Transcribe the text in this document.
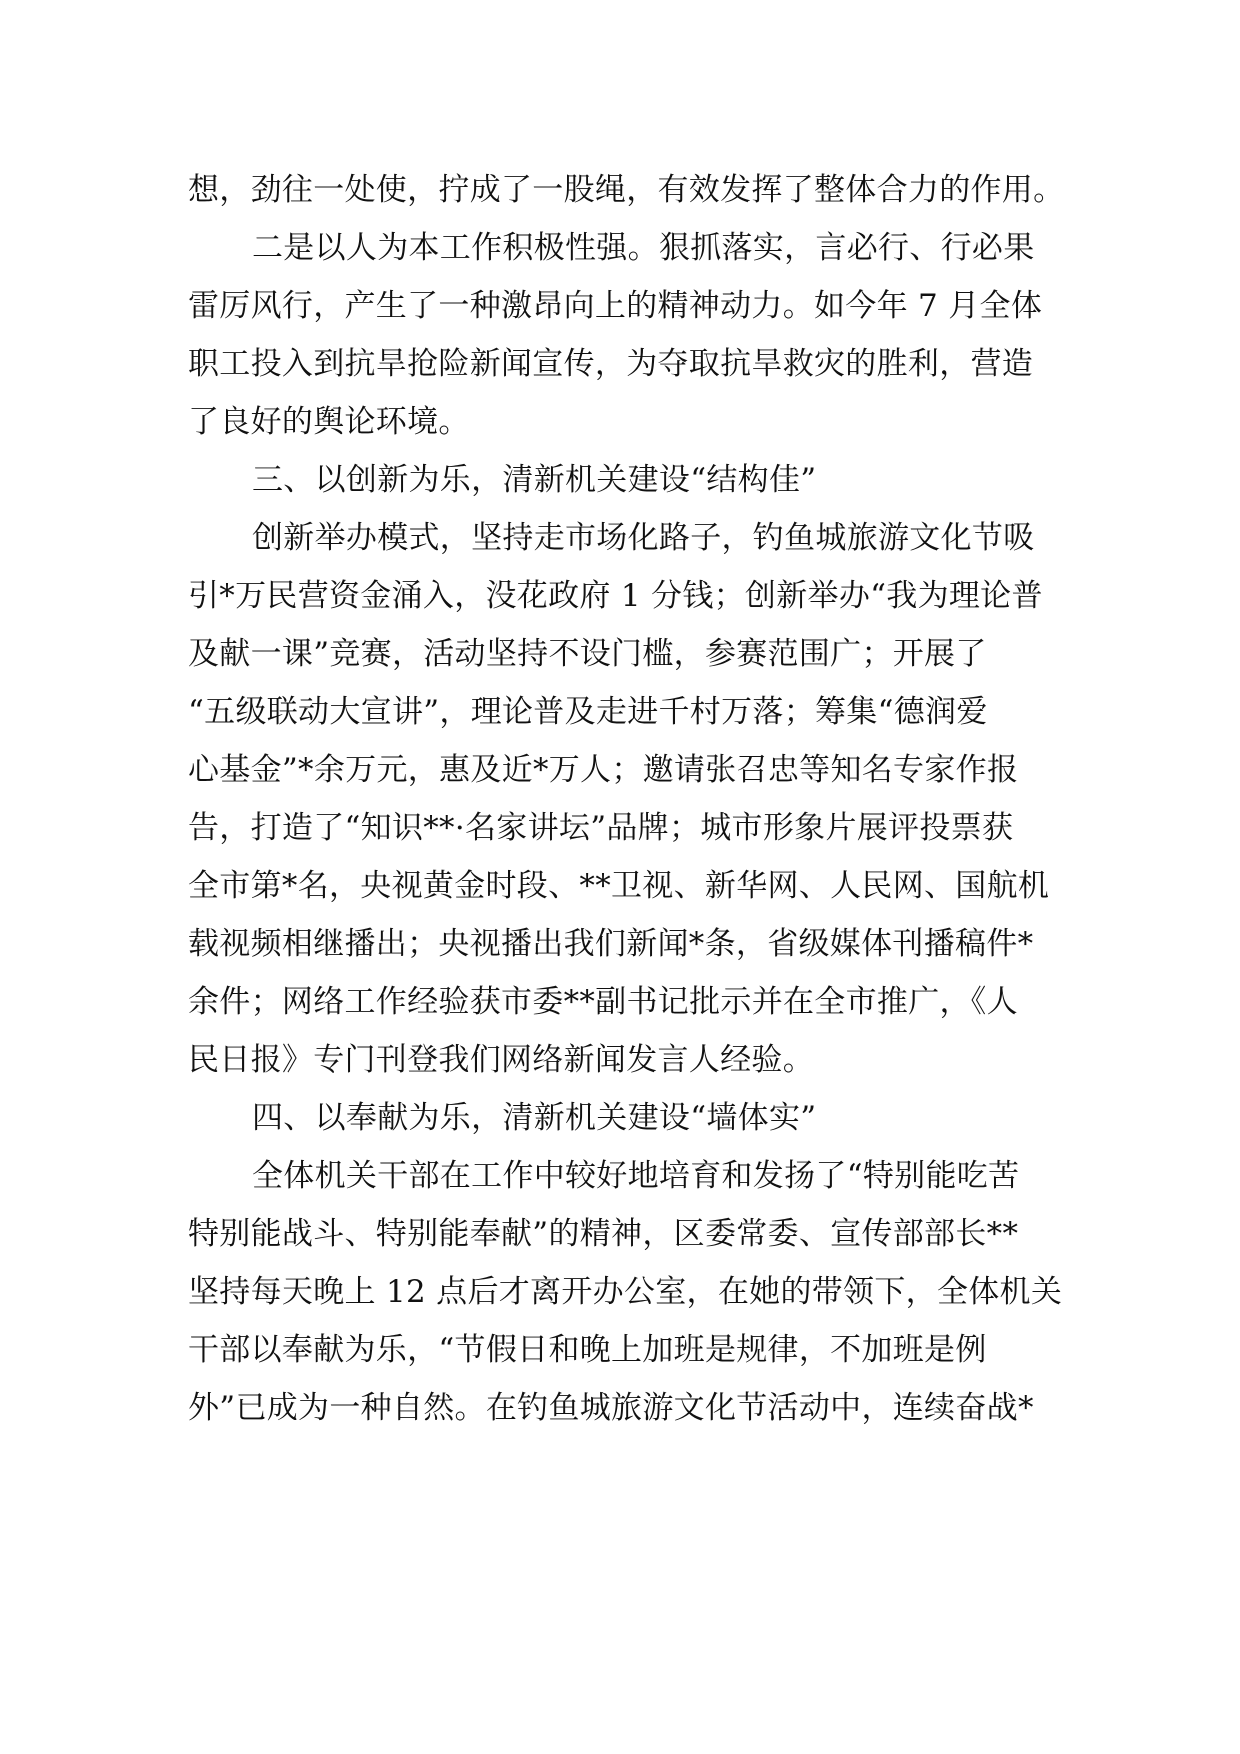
想，劲往一处使，拧成了一股绳，有效发挥了整体合力的作用。
二是以人为本工作积极性强。狠抓落实，言必行、行必果
雷厉风行，产生了一种激昂向上的精神动力。如今年 7 月全体
职工投入到抗旱抢险新闻宣传，为夺取抗旱救灾的胜利，营造
了良好的舆论环境。
三、以创新为乐，清新机关建设“结构佳”
创新举办模式，坚持走市场化路子，钓鱼城旅游文化节吸
引*万民营资金涌入，没花政府 1 分钱；创新举办“我为理论普
及献一课”竞赛，活动坚持不设门槛，参赛范围广；开展了
“五级联动大宣讲”，理论普及走进千村万落；筹集“德润爱
心基金”*余万元，惠及近*万人；邀请张召忠等知名专家作报
告，打造了“知识**·名家讲坛”品牌；城市形象片展评投票获
全市第*名，央视黄金时段、**卫视、新华网、人民网、国航机
载视频相继播出；央视播出我们新闻*条，省级媒体刊播稿件*
余件；网络工作经验获市委**副书记批示并在全市推广，《人
民日报》专门刊登我们网络新闻发言人经验。
四、以奉献为乐，清新机关建设“墙体实”
全体机关干部在工作中较好地培育和发扬了“特别能吃苦
特别能战斗、特别能奉献”的精神，区委常委、宣传部部长**
坚持每天晚上 12 点后才离开办公室，在她的带领下，全体机关
干部以奉献为乐，“节假日和晚上加班是规律，不加班是例
外”已成为一种自然。在钓鱼城旅游文化节活动中，连续奋战*
